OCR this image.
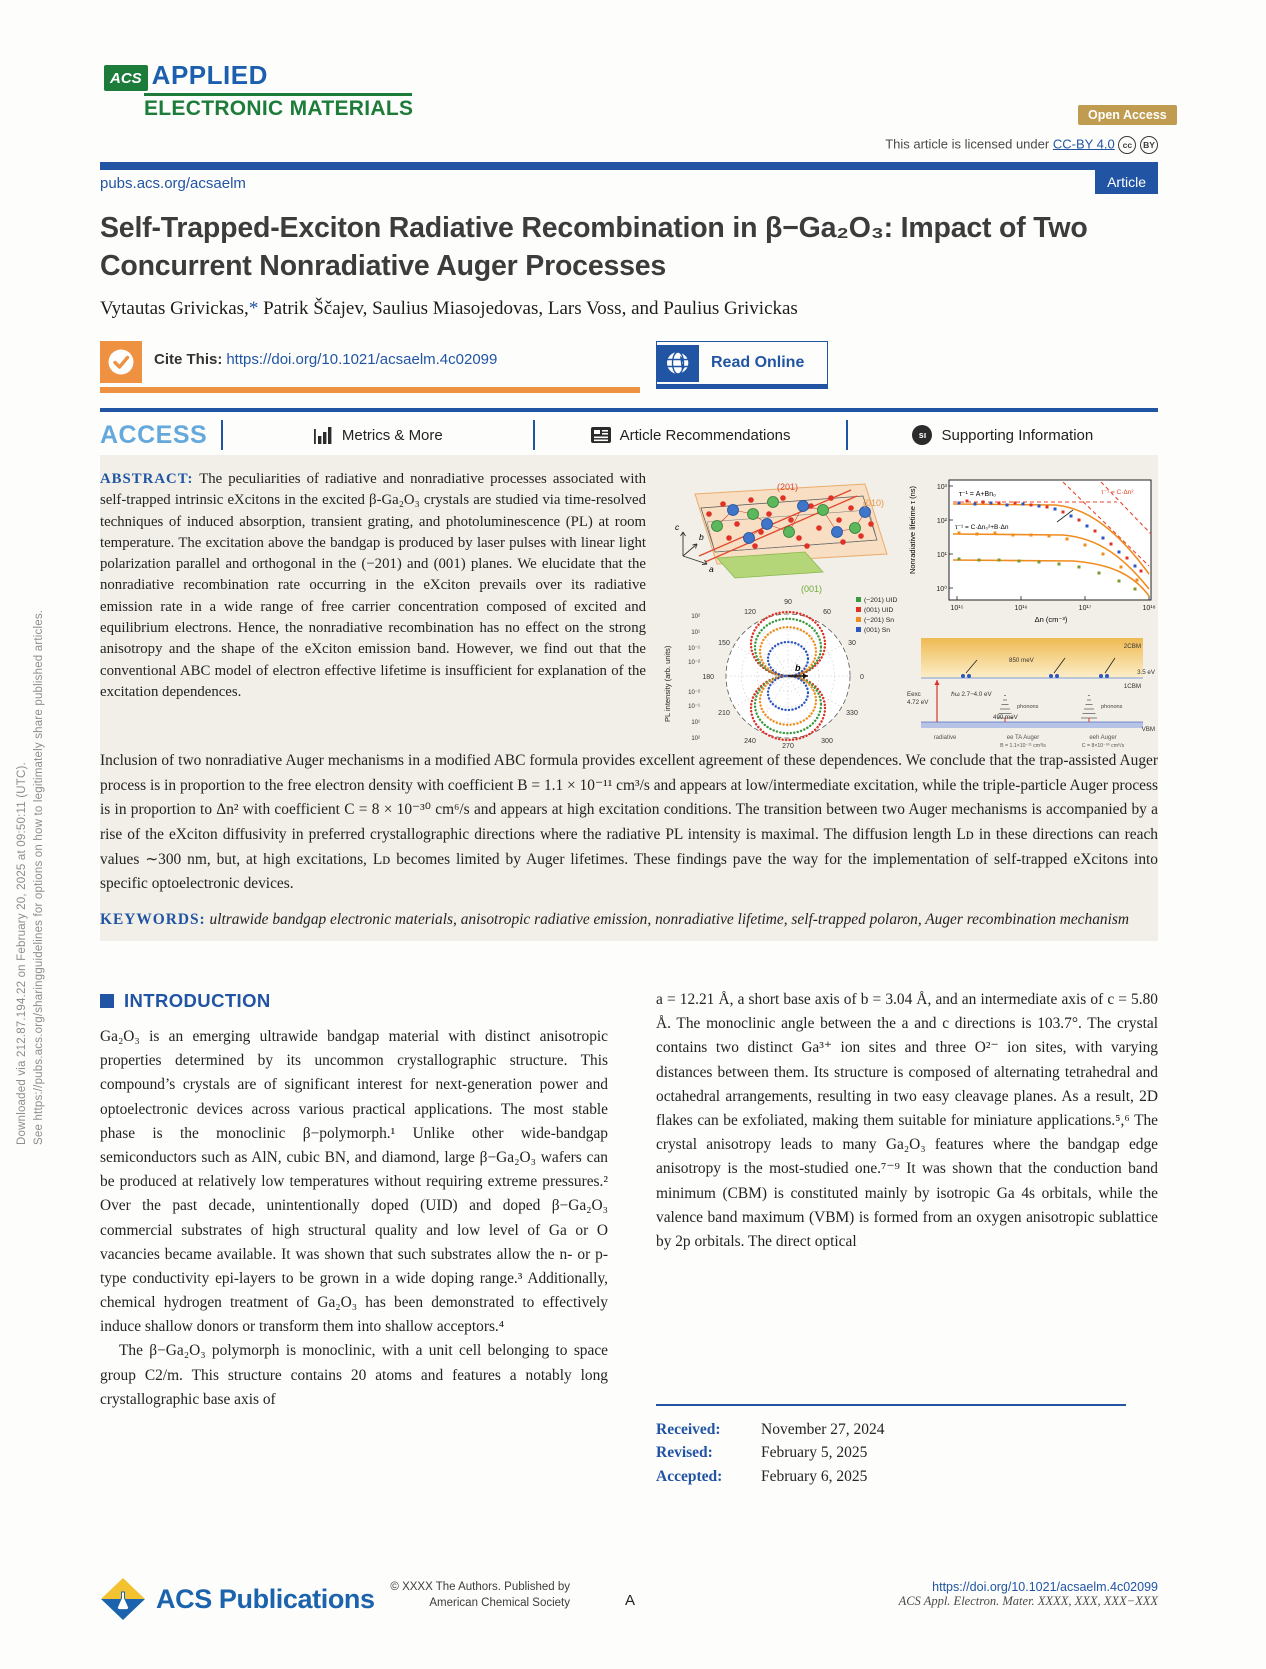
Downloaded via 212.87.194.22 on February 20, 2025 at 09:50:11 (UTC). See https://pubs.acs.org/sharingguidelines for options on how to legitimately share published articles.
ACS APPLIED
ELECTRONIC MATERIALS	Open Access
This article is licensed under CC-BY 4.0 cc BY
pubs.acs.org/acsaelm	Article
Self-Trapped-Exciton Radiative Recombination in β−Ga₂O₃: Impact of Two Concurrent Nonradiative Auger Processes
Vytautas Grivickas,* Patrik Ščajev, Saulius Miasojedovas, Lars Voss, and Paulius Grivickas
Cite This: https://doi.org/10.1021/acsaelm.4c02099	Read Online
ACCESS	Metrics & More	Article Recommendations	sı	Supporting Information
ABSTRACT: The peculiarities of radiative and nonradiative processes associated with self-trapped intrinsic eXcitons in the excited β-Ga₂O₃ crystals are studied via time-resolved techniques of induced absorption, transient grating, and photoluminescence (PL) at room temperature. The excitation above the bandgap is produced by laser pulses with linear light polarization parallel and orthogonal in the (−201) and (001) planes. We elucidate that the nonradiative recombination rate occurring in the eXciton prevails over its radiative emission rate in a wide range of free carrier concentration composed of excited and equilibrium electrons. Hence, the nonradiative recombination has no effect on the strong anisotropy and the shape of the eXciton emission band. However, we find out that the conventional ABC model of electron effective lifetime is insufficient for explanation of the excitation dependences.
(201)
(010)
(001)
c
b
a
10³
10²
10¹
10⁰
10¹⁵	10¹⁶	10¹⁷	10¹⁸
Δn (cm⁻³)
Nonradiative lifetime τ (ns)	τ⁻¹ = A+Bn₀
τ⁻¹ = C·Δn₀²+B·Δn
τ⁻¹ = C·Δn²
b
0
30
60
90
120
150
180
210
240
270
300
330
10²
10¹
10⁻¹
10⁻²
10⁻²
10⁻¹
10¹
10²
PL intensity (arb. units)
(−201) UID
(001) UID
(−201) Sn
(001) Sn
Eexc
4.72 eV
ℏω 2.7−4.0 eV
850 meV
490 meV
phonons	phonons
2CBM
3.5 eV
1CBM
VBM
radiative	ee TA Auger	eeh Auger
B = 1.1×10⁻¹¹ cm³/s	C = 8×10⁻³⁰ cm⁶/s
Inclusion of two nonradiative Auger mechanisms in a modified ABC formula provides excellent agreement of these dependences. We conclude that the trap-assisted Auger process is in proportion to the free electron density with coefficient B = 1.1 × 10⁻¹¹ cm³/s and appears at low/intermediate excitation, while the triple-particle Auger process is in proportion to Δn² with coefficient C = 8 × 10⁻³⁰ cm⁶/s and appears at high excitation conditions. The transition between two Auger mechanisms is accompanied by a rise of the eXciton diffusivity in preferred crystallographic directions where the radiative PL intensity is maximal. The diffusion length Lᴅ in these directions can reach values ∼300 nm, but, at high excitations, Lᴅ becomes limited by Auger lifetimes. These findings pave the way for the implementation of self-trapped eXcitons into specific optoelectronic devices.
KEYWORDS: ultrawide bandgap electronic materials, anisotropic radiative emission, nonradiative lifetime, self-trapped polaron, Auger recombination mechanism
INTRODUCTION

Ga₂O₃ is an emerging ultrawide bandgap material with distinct anisotropic properties determined by its uncommon crystallographic structure. This compound’s crystals are of significant interest for next-generation power and optoelectronic devices across various practical applications. The most stable phase is the monoclinic β−polymorph.¹ Unlike other wide-bandgap semiconductors such as AlN, cubic BN, and diamond, large β−Ga₂O₃ wafers can be produced at relatively low temperatures without requiring extreme pressures.² Over the past decade, unintentionally doped (UID) and doped β−Ga₂O₃ commercial substrates of high structural quality and low level of Ga or O vacancies became available. It was shown that such substrates allow the n- or p-type conductivity epi-layers to be grown in a wide doping range.³ Additionally, chemical hydrogen treatment of Ga₂O₃ has been demonstrated to effectively induce shallow donors or transform them into shallow acceptors.⁴

The β−Ga₂O₃ polymorph is monoclinic, with a unit cell belonging to space group C2/m. This structure contains 20 atoms and features a notably long crystallographic base axis of

a = 12.21 Å, a short base axis of b = 3.04 Å, and an intermediate axis of c = 5.80 Å. The monoclinic angle between the a and c directions is 103.7°. The crystal contains two distinct Ga³⁺ ion sites and three O²⁻ ion sites, with varying distances between them. Its structure is composed of alternating tetrahedral and octahedral arrangements, resulting in two easy cleavage planes. As a result, 2D flakes can be exfoliated, making them suitable for miniature applications.⁵,⁶ The crystal anisotropy leads to many Ga₂O₃ features where the bandgap edge anisotropy is the most-studied one.⁷⁻⁹ It was shown that the conduction band minimum (CBM) is constituted mainly by isotropic Ga 4s orbitals, while the valence band maximum (VBM) is formed from an oxygen anisotropic sublattice by 2p orbitals. The direct optical

Received:	November 27, 2024
Revised:	February 5, 2025
Accepted:	February 6, 2025
ACS Publications	© XXXX The Authors. Published by
American Chemical Society	A
https://doi.org/10.1021/acsaelm.4c02099
ACS Appl. Electron. Mater. XXXX, XXX, XXX−XXX
